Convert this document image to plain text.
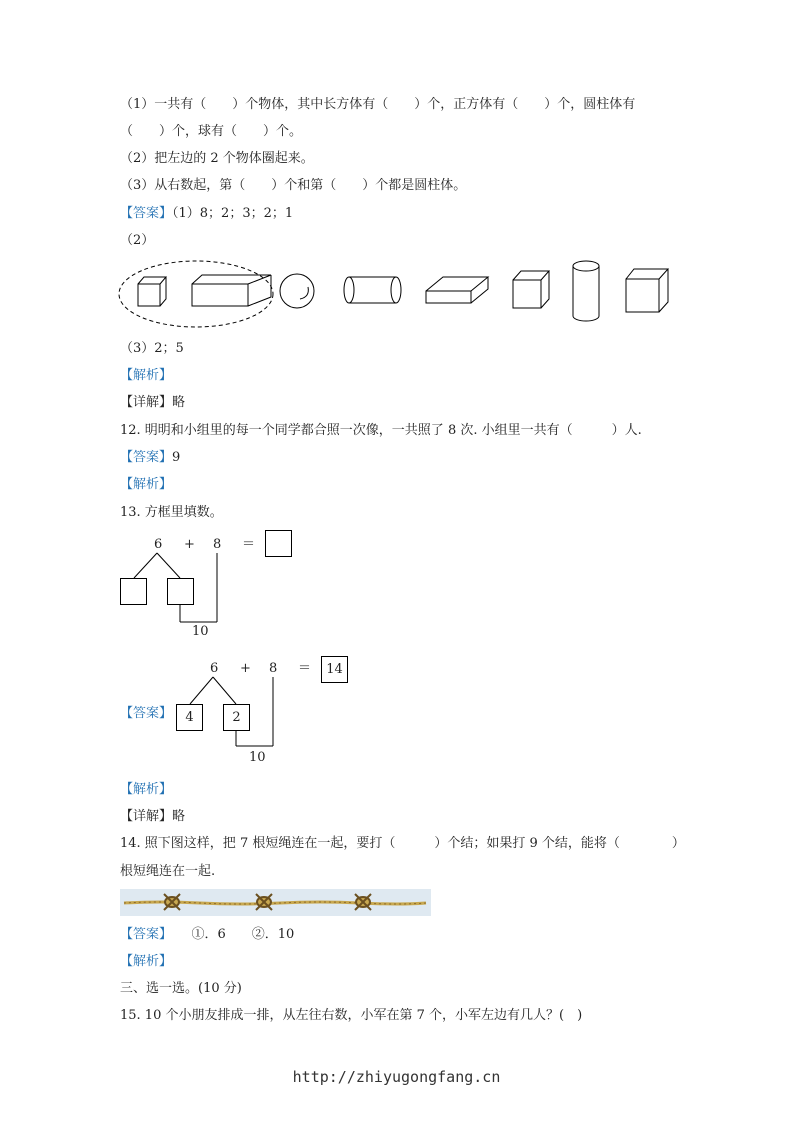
（1）一共有（　　）个物体，其中长方体有（　　）个，正方体有（　　）个，圆柱体有
（　　）个，球有（　　）个。
（2）把左边的 2 个物体圈起来。
（3）从右数起，第（　　）个和第（　　）个都是圆柱体。
【答案】（1）8；2；3；2；1
（2）
（3）2；5
【解析】
【详解】略
12. 明明和小组里的每一个同学都合照一次像，一共照了 8 次. 小组里一共有（　　　）人.
【答案】9
【解析】
13. 方框里填数。
6 + 8 ＝
10
【答案】
6 + 8 ＝	14
4	2
10
【解析】
【详解】略
14. 照下图这样，把 7 根短绳连在一起，要打（　　　）个结；如果打 9 个结，能将（　　　　）
根短绳连在一起.
【答案】　　①．6　　②．10
【解析】
三、选一选。(10 分)
15. 10 个小朋友排成一排，从左往右数，小军在第 7 个，小军左边有几人？(　)
http://zhiyugongfang.cn
